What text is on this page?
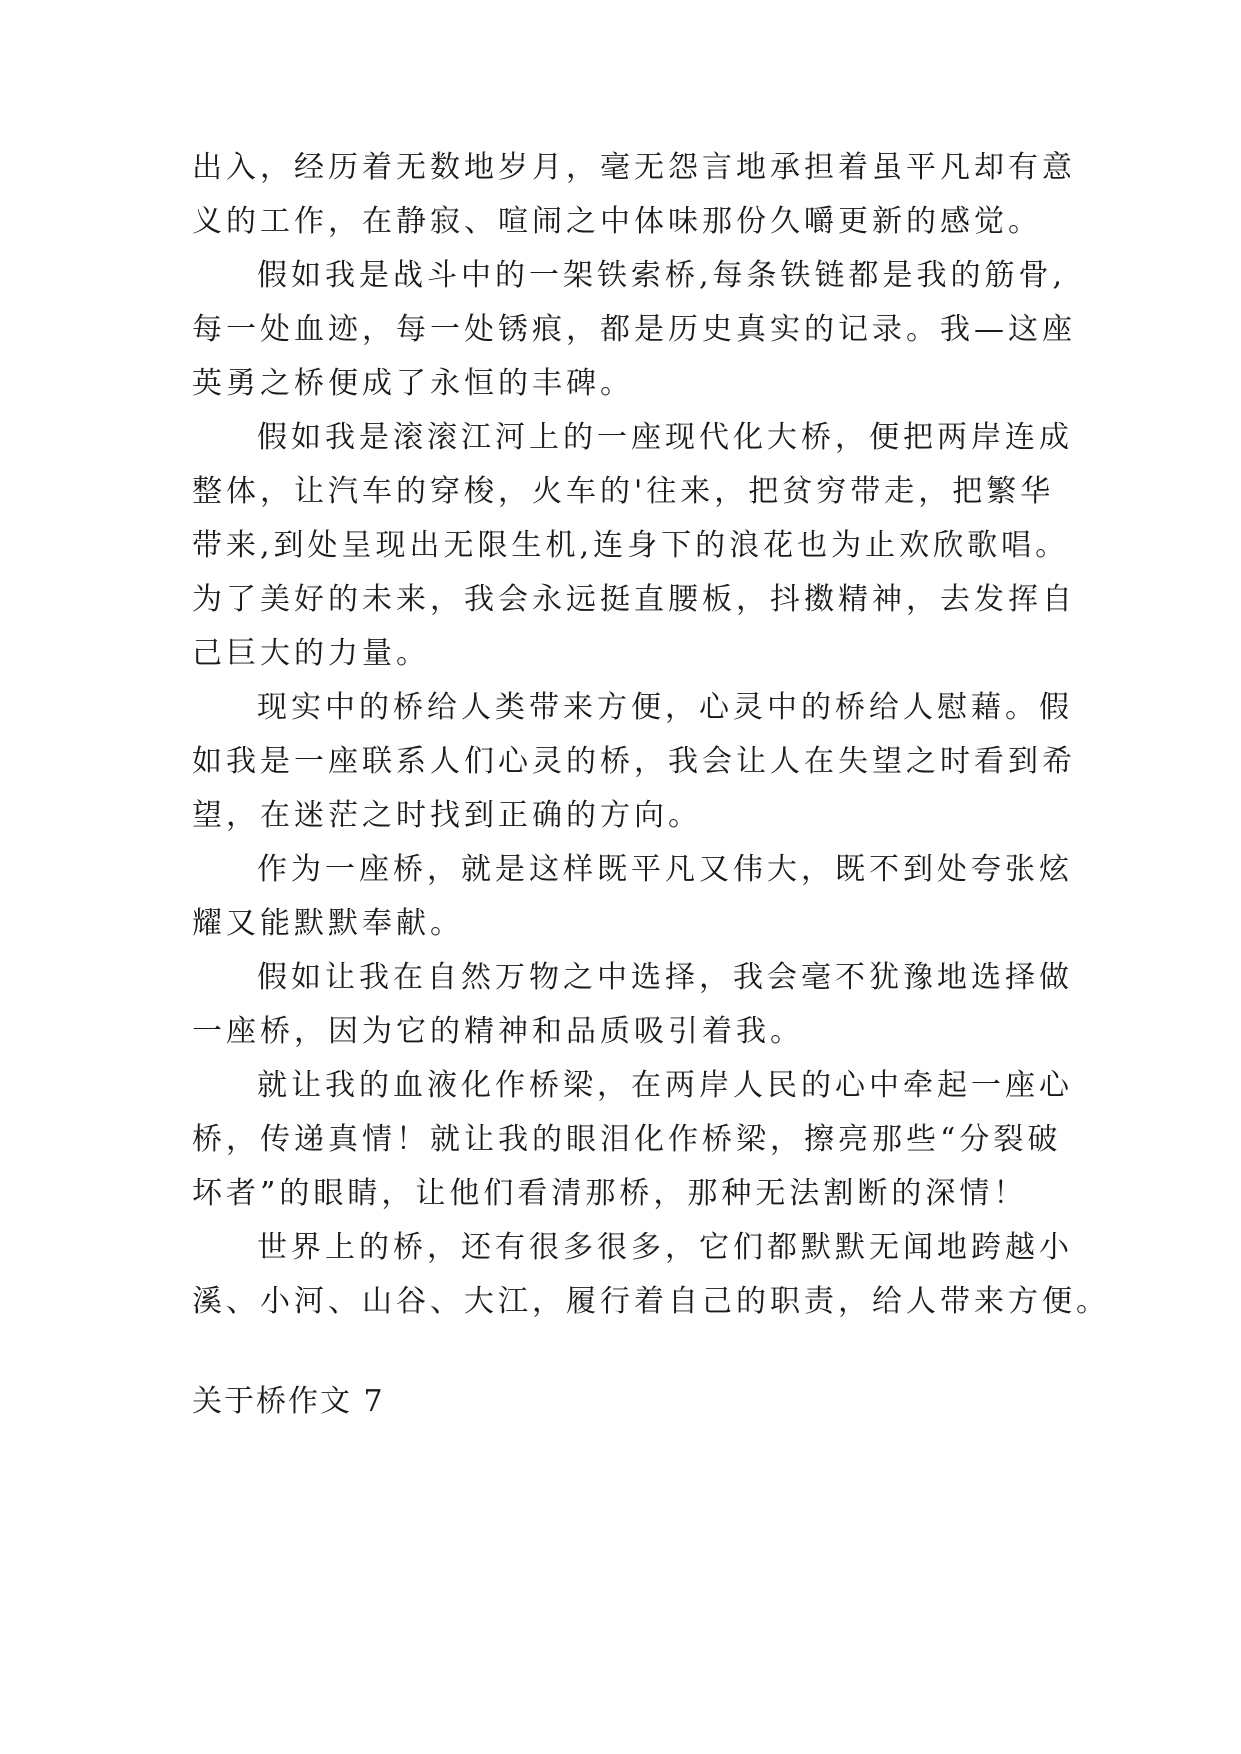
出入，经历着无数地岁月，毫无怨言地承担着虽平凡却有意
义的工作，在静寂、喧闹之中体味那份久嚼更新的感觉。
假如我是战斗中的一架铁索桥,每条铁链都是我的筋骨,
每一处血迹，每一处锈痕，都是历史真实的记录。我—这座
英勇之桥便成了永恒的丰碑。
假如我是滚滚江河上的一座现代化大桥，便把两岸连成
整体，让汽车的穿梭，火车的'往来，把贫穷带走，把繁华
带来,到处呈现出无限生机,连身下的浪花也为止欢欣歌唱。
为了美好的未来，我会永远挺直腰板，抖擞精神，去发挥自
己巨大的力量。
现实中的桥给人类带来方便，心灵中的桥给人慰藉。假
如我是一座联系人们心灵的桥，我会让人在失望之时看到希
望，在迷茫之时找到正确的方向。
作为一座桥，就是这样既平凡又伟大，既不到处夸张炫
耀又能默默奉献。
假如让我在自然万物之中选择，我会毫不犹豫地选择做
一座桥，因为它的精神和品质吸引着我。
就让我的血液化作桥梁，在两岸人民的心中牵起一座心
桥，传递真情！就让我的眼泪化作桥梁，擦亮那些“分裂破
坏者”的眼睛，让他们看清那桥，那种无法割断的深情！
世界上的桥，还有很多很多，它们都默默无闻地跨越小
溪、小河、山谷、大江，履行着自己的职责，给人带来方便。
关于桥作文 7
